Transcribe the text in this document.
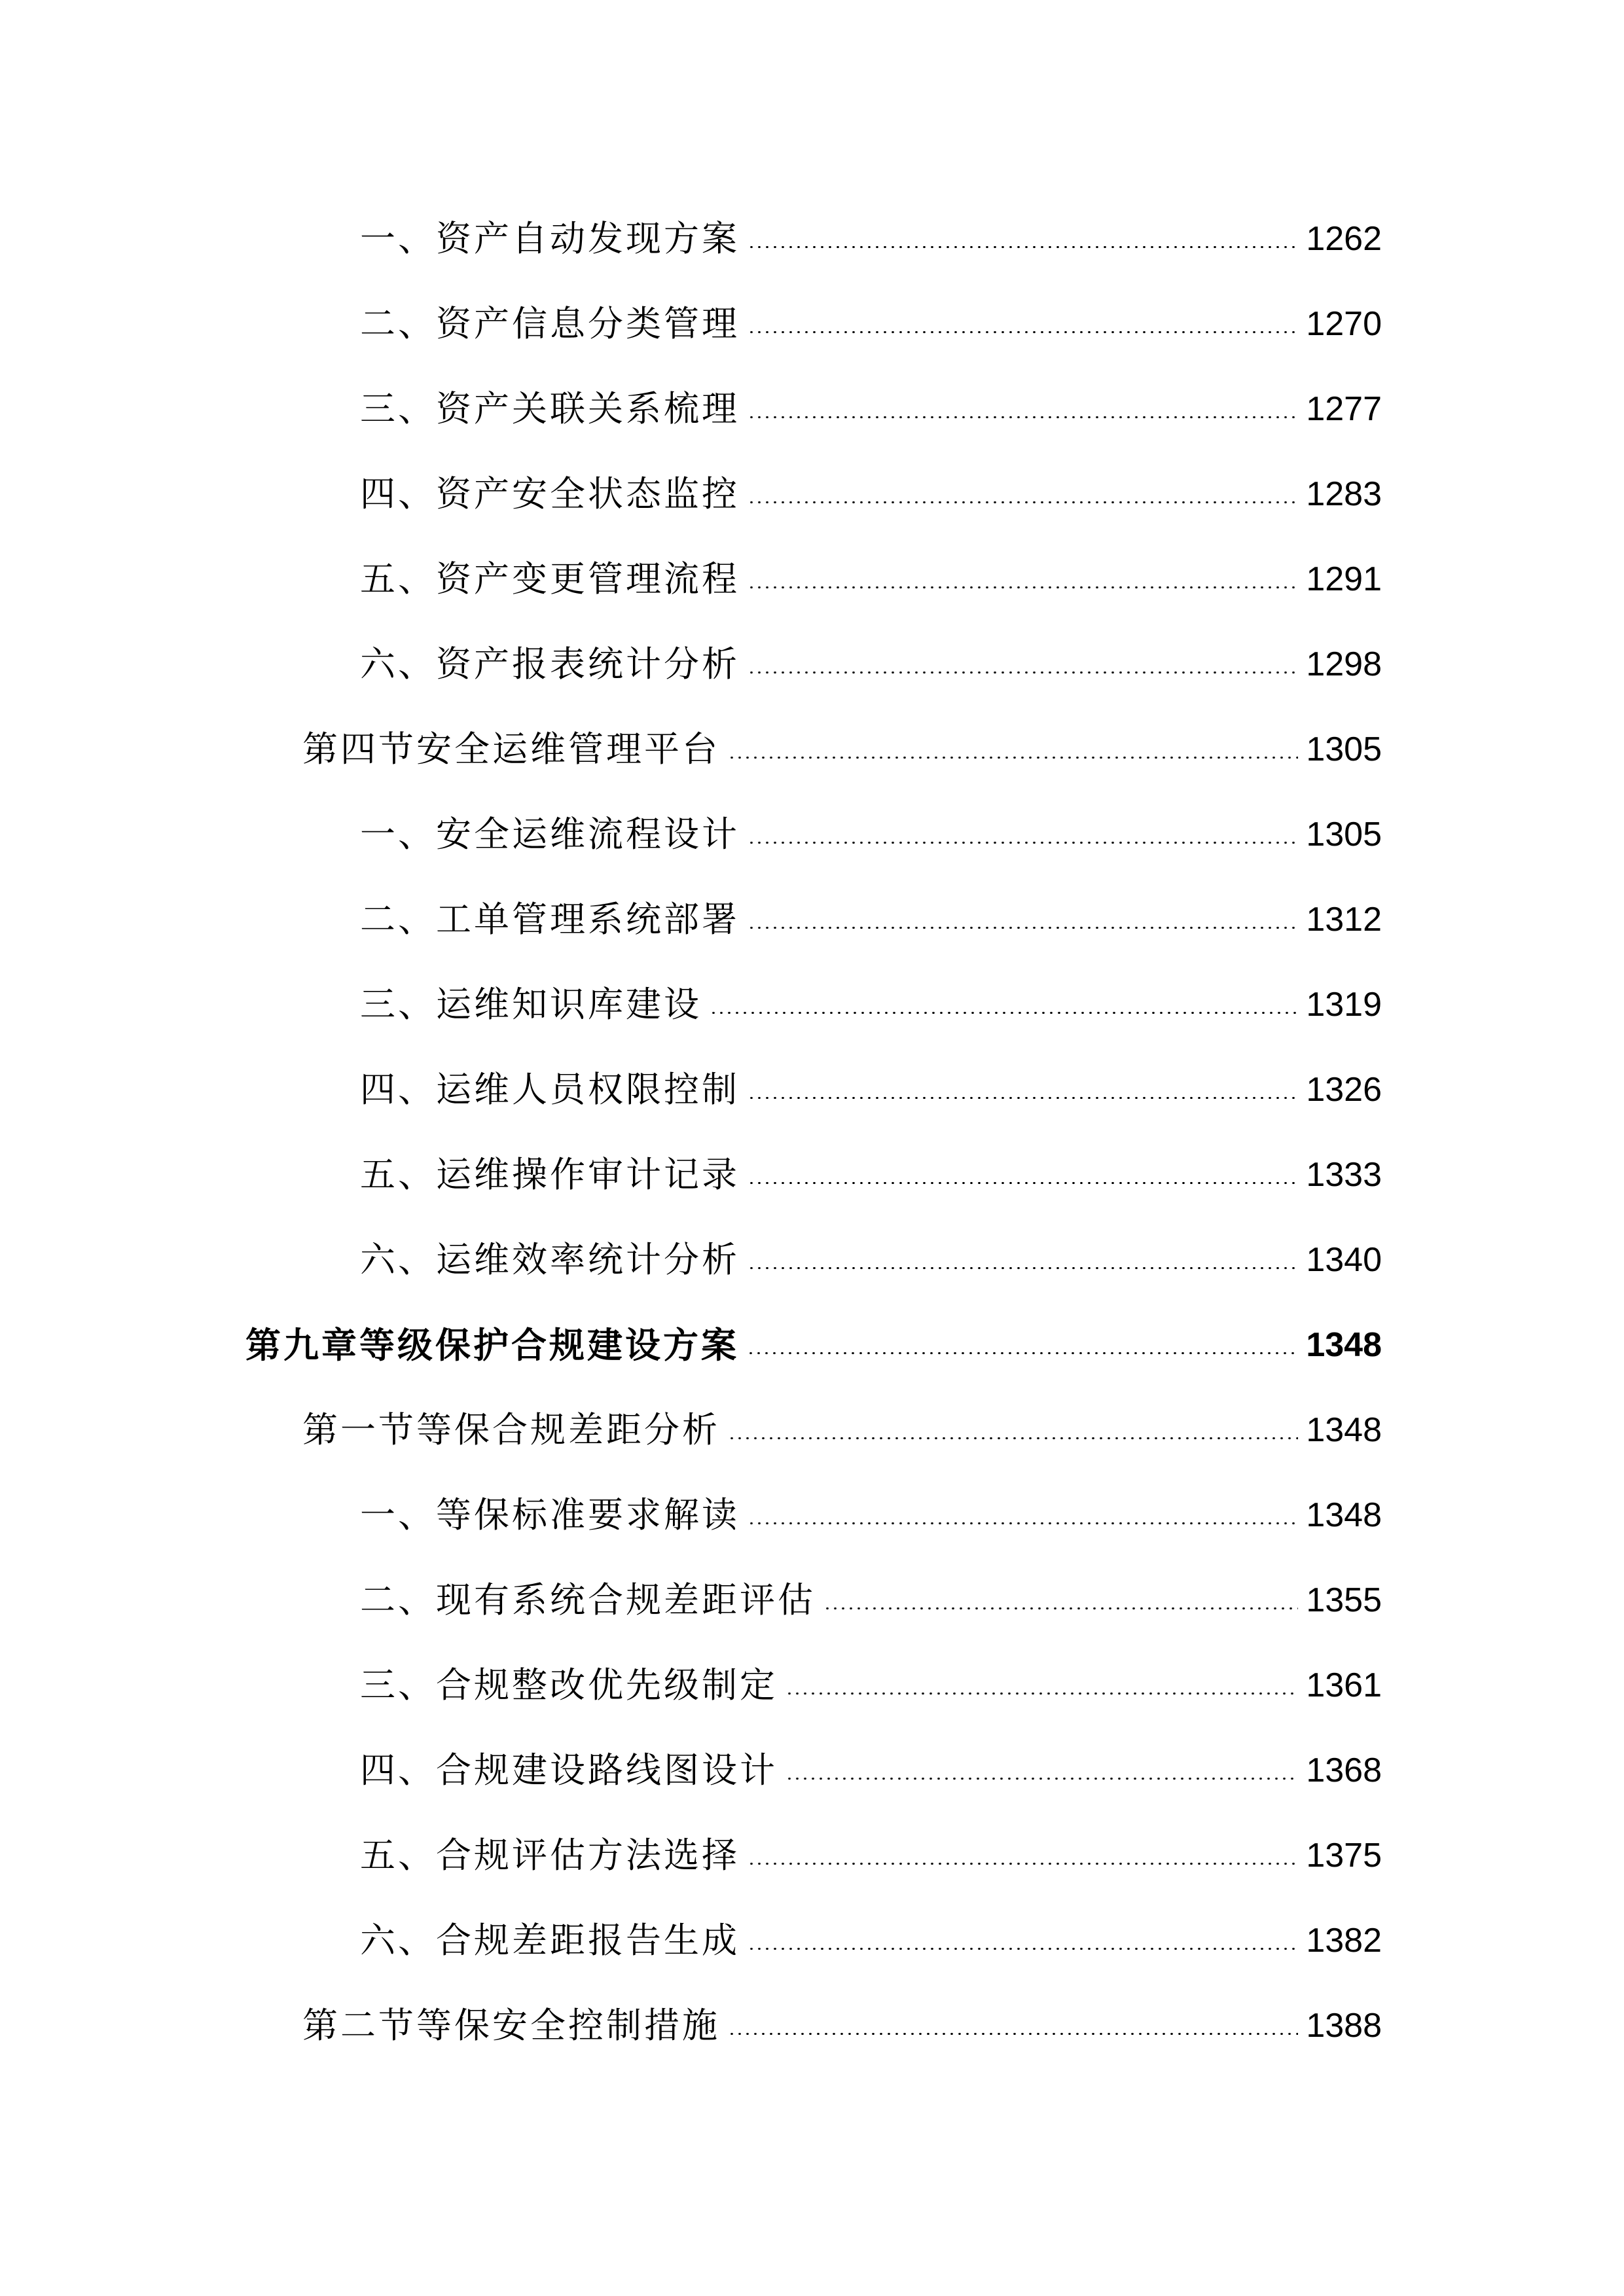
一、资产自动发现方案	1262
二、资产信息分类管理	1270
三、资产关联关系梳理	1277
四、资产安全状态监控	1283
五、资产变更管理流程	1291
六、资产报表统计分析	1298
第四节安全运维管理平台	1305
一、安全运维流程设计	1305
二、工单管理系统部署	1312
三、运维知识库建设	1319
四、运维人员权限控制	1326
五、运维操作审计记录	1333
六、运维效率统计分析	1340
第九章等级保护合规建设方案	1348
第一节等保合规差距分析	1348
一、等保标准要求解读	1348
二、现有系统合规差距评估	1355
三、合规整改优先级制定	1361
四、合规建设路线图设计	1368
五、合规评估方法选择	1375
六、合规差距报告生成	1382
第二节等保安全控制措施	1388
